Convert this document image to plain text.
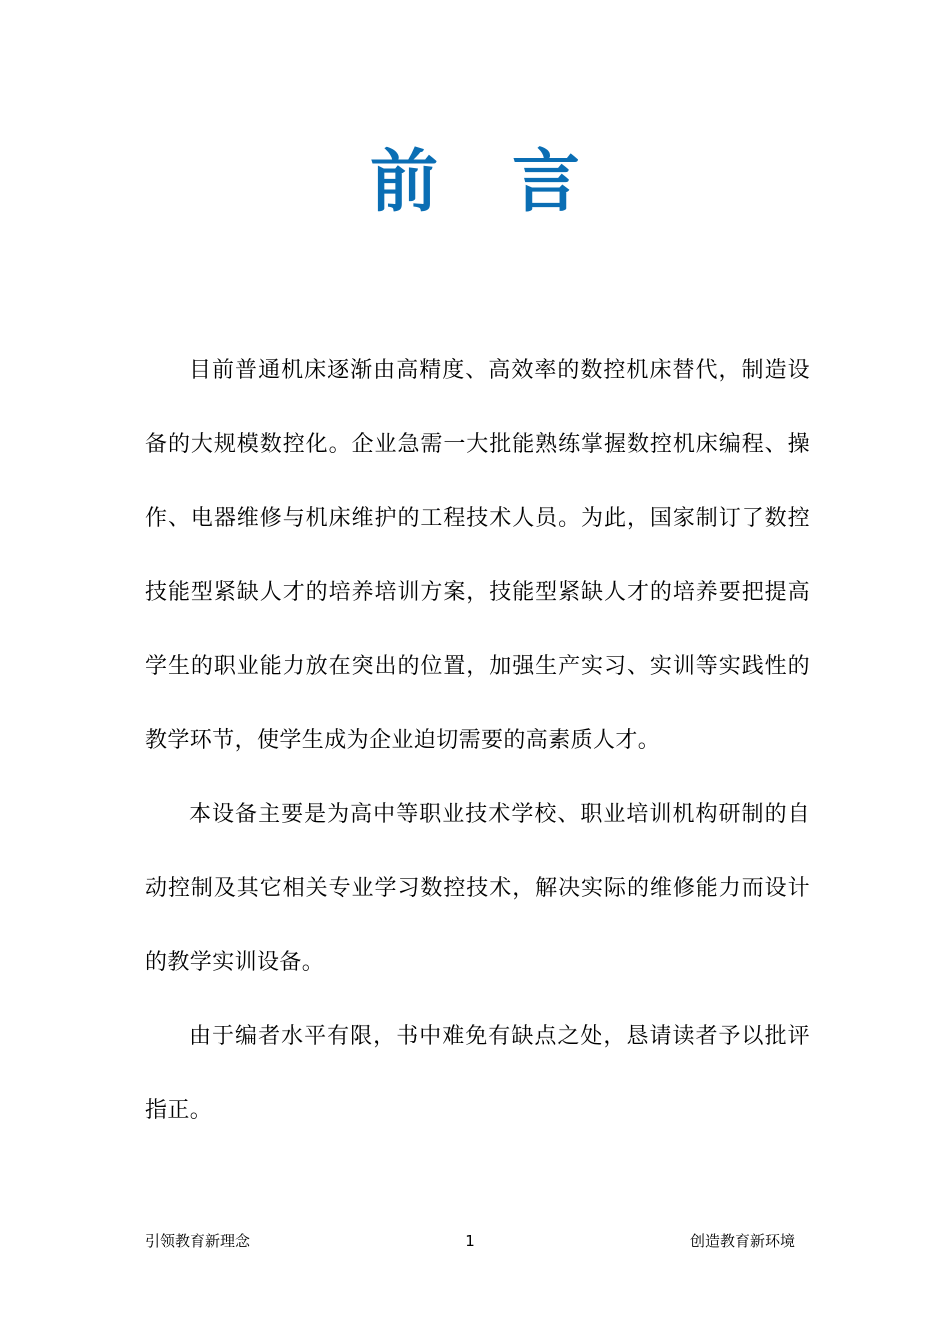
前言

目前普通机床逐渐由高精度、高效率的数控机床替代，制造设备的大规模数控化。企业急需一大批能熟练掌握数控机床编程、操作、电器维修与机床维护的工程技术人员。为此，国家制订了数控技能型紧缺人才的培养培训方案，技能型紧缺人才的培养要把提高学生的职业能力放在突出的位置，加强生产实习、实训等实践性的教学环节，使学生成为企业迫切需要的高素质人才。

本设备主要是为高中等职业技术学校、职业培训机构研制的自动控制及其它相关专业学习数控技术，解决实际的维修能力而设计的教学实训设备。

由于编者水平有限，书中难免有缺点之处，恳请读者予以批评指正。

引领教育新理念	1	创造教育新环境
